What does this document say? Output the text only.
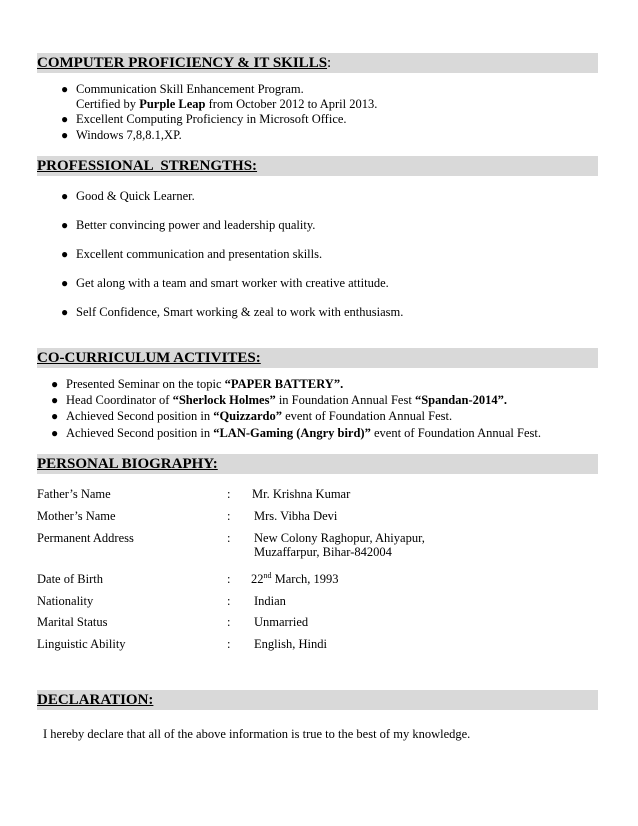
COMPUTER PROFICIENCY & IT SKILLS:
● Communication Skill Enhancement Program.
Certified by Purple Leap from October 2012 to April 2013.
● Excellent Computing Proficiency in Microsoft Office.
● Windows 7,8,8.1,XP.
PROFESSIONAL  STRENGTHS:
● Good & Quick Learner.
● Better convincing power and leadership quality.
● Excellent communication and presentation skills.
● Get along with a team and smart worker with creative attitude.
● Self Confidence, Smart working & zeal to work with enthusiasm.
CO-CURRICULUM ACTIVITES:
● Presented Seminar on the topic “PAPER BATTERY”.
● Head Coordinator of “Sherlock Holmes” in Foundation Annual Fest “Spandan-2014”.
● Achieved Second position in “Quizzardo” event of Foundation Annual Fest.
● Achieved Second position in “LAN-Gaming (Angry bird)” event of Foundation Annual Fest.
PERSONAL BIOGRAPHY:
Father’s Name	: Mr. Krishna Kumar
Mother’s Name	: Mrs. Vibha Devi
Permanent Address	: New Colony Raghopur, Ahiyapur,
Muzaffarpur, Bihar-842004
Date of Birth	: 22nd March, 1993
Nationality	: Indian
Marital Status	: Unmarried
Linguistic Ability	: English, Hindi
DECLARATION:
I hereby declare that all of the above information is true to the best of my knowledge.
